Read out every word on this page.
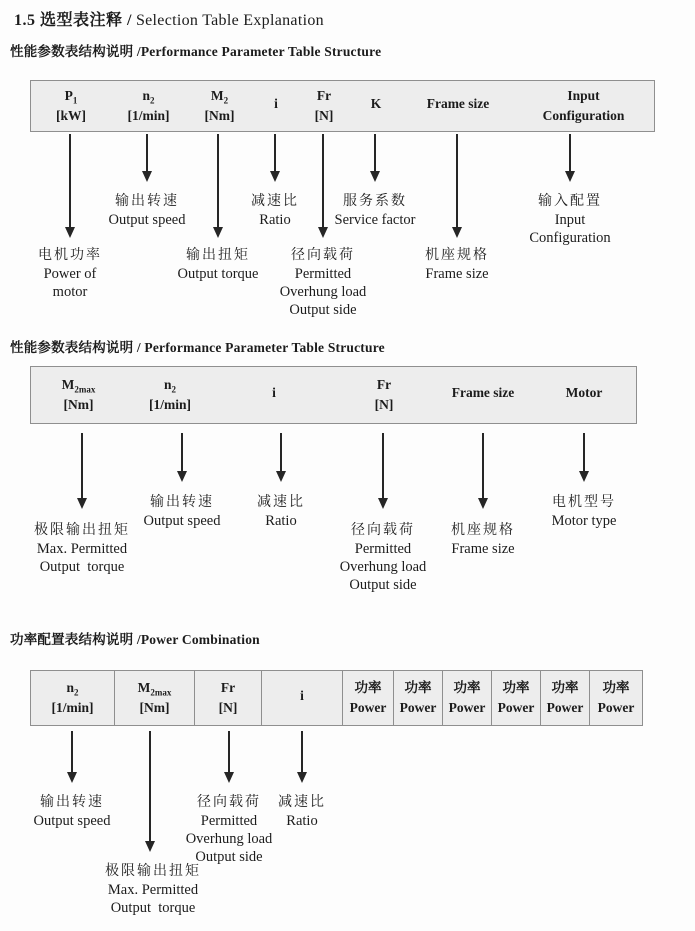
1.5 选型表注释 / Selection Table Explanation
性能参数表结构说明 /Performance Parameter Table Structure
$P_1$
[kW]
$n_2$
[1/min]
$M_2$
[Nm]
i
Fr
[N]
K	Frame size
Input
Configuration
电机功率
Power of
motor
输出转速
Output speed
输出扭矩
Output torque
减速比
Ratio
径向载荷
Permitted
Overhung load
Output side
服务系数
Service factor
机座规格
Frame size
输入配置
Input
Configuration
性能参数表结构说明 / Performance Parameter Table Structure
$M_{2max}$
[Nm]
$n_2$
[1/min]
i
Fr
[N]
Frame size	Motor
极限输出扭矩
Max. Permitted
Output  torque
输出转速
Output speed
减速比
Ratio
径向载荷
Permitted
Overhung load
Output side
机座规格
Frame size
电机型号
Motor type
功率配置表结构说明 /Power Combination
$n_2$
[1/min]
$M_{2max}$
[Nm]
Fr
[N]
i
功率
Power
功率
Power
功率
Power
功率
Power
功率
Power
功率
Power
输出转速
Output speed
极限输出扭矩
Max. Permitted
Output  torque
径向载荷
Permitted
Overhung load
Output side
减速比
Ratio
